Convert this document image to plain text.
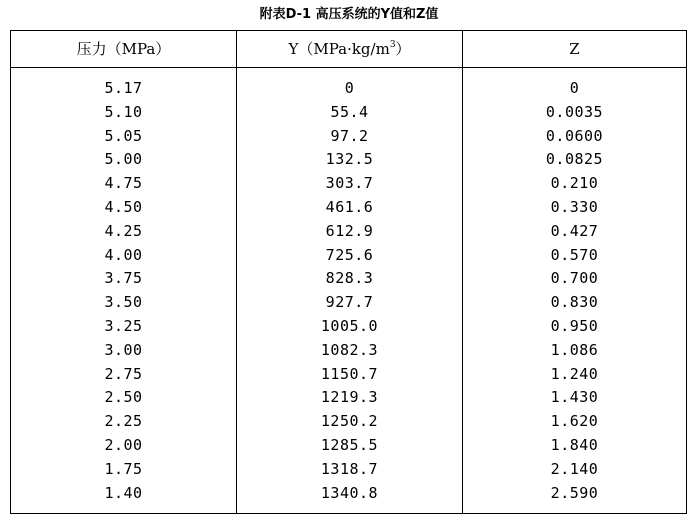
附表D-1 高压系统的Y值和Z值
压力（MPa）	$Y(MPa\cdot kg/m^3)$	Z
5.17	0	0
5.10	55.4	0.0035
5.05	97.2	0.0600
5.00	132.5	0.0825
4.75	303.7	0.210
4.50	461.6	0.330
4.25	612.9	0.427
4.00	725.6	0.570
3.75	828.3	0.700
3.50	927.7	0.830
3.25	1005.0	0.950
3.00	1082.3	1.086
2.75	1150.7	1.240
2.50	1219.3	1.430
2.25	1250.2	1.620
2.00	1285.5	1.840
1.75	1318.7	2.140
1.40	1340.8	2.590
